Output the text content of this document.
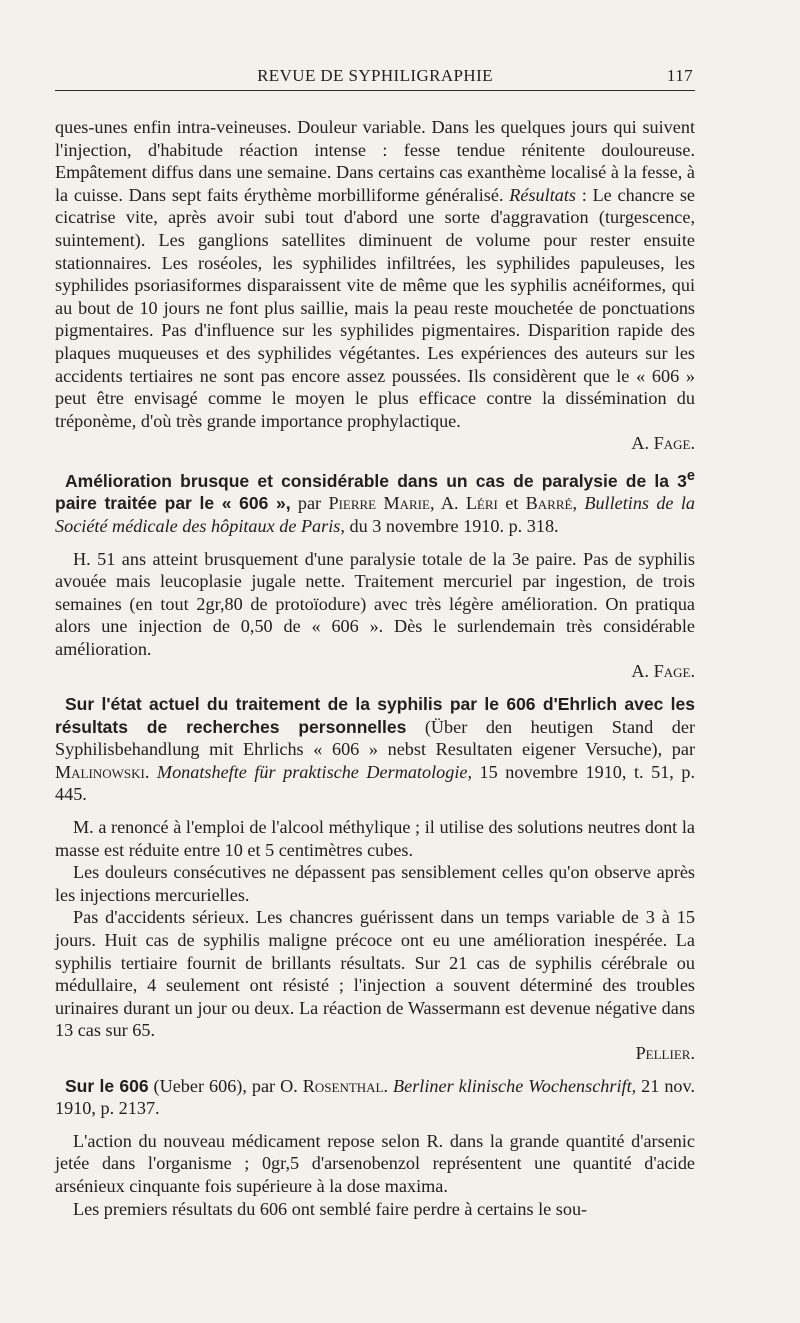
REVUE DE SYPHILIGRAPHIE	117

ques-unes enfin intra-veineuses. Douleur variable. Dans les quelques jours qui suivent l'injection, d'habitude réaction intense : fesse tendue rénitente douloureuse. Empâtement diffus dans une semaine. Dans certains cas exanthème localisé à la fesse, à la cuisse. Dans sept faits érythème morbilliforme généralisé. Résultats : Le chancre se cicatrise vite, après avoir subi tout d'abord une sorte d'aggravation (turgescence, suintement). Les ganglions satellites diminuent de volume pour rester ensuite stationnaires. Les roséoles, les syphilides infiltrées, les syphilides papuleuses, les syphilides psoriasiformes disparaissent vite de même que les syphilis acnéiformes, qui au bout de 10 jours ne font plus saillie, mais la peau reste mouchetée de ponctuations pigmentaires. Pas d'influence sur les syphilides pigmentaires. Disparition rapide des plaques muqueuses et des syphilides végétantes. Les expériences des auteurs sur les accidents tertiaires ne sont pas encore assez poussées. Ils considèrent que le « 606 » peut être envisagé comme le moyen le plus efficace contre la dissémination du tréponème, d'où très grande importance prophylactique.

A. Fage.

Amélioration brusque et considérable dans un cas de paralysie de la 3e paire traitée par le « 606 », par Pierre Marie, A. Léri et Barré, Bulletins de la Société médicale des hôpitaux de Paris, du 3 novembre 1910. p. 318.

H. 51 ans atteint brusquement d'une paralysie totale de la 3e paire. Pas de syphilis avouée mais leucoplasie jugale nette. Traitement mercuriel par ingestion, de trois semaines (en tout 2gr,80 de protoïodure) avec très légère amélioration. On pratiqua alors une injection de 0,50 de « 606 ». Dès le surlendemain très considérable amélioration.

A. Fage.

Sur l'état actuel du traitement de la syphilis par le 606 d'Ehrlich avec les résultats de recherches personnelles (Über den heutigen Stand der Syphilisbehandlung mit Ehrlichs « 606 » nebst Resultaten eigener Versuche), par Malinowski. Monatshefte für praktische Dermatologie, 15 novembre 1910, t. 51, p. 445.

M. a renoncé à l'emploi de l'alcool méthylique ; il utilise des solutions neutres dont la masse est réduite entre 10 et 5 centimètres cubes.

Les douleurs consécutives ne dépassent pas sensiblement celles qu'on observe après les injections mercurielles.

Pas d'accidents sérieux. Les chancres guérissent dans un temps variable de 3 à 15 jours. Huit cas de syphilis maligne précoce ont eu une amélioration inespérée. La syphilis tertiaire fournit de brillants résultats. Sur 21 cas de syphilis cérébrale ou médullaire, 4 seulement ont résisté ; l'injection a souvent déterminé des troubles urinaires durant un jour ou deux. La réaction de Wassermann est devenue négative dans 13 cas sur 65.

Pellier.

Sur le 606 (Ueber 606), par O. Rosenthal. Berliner klinische Wochenschrift, 21 nov. 1910, p. 2137.

L'action du nouveau médicament repose selon R. dans la grande quantité d'arsenic jetée dans l'organisme ; 0gr,5 d'arsenobenzol représentent une quantité d'acide arsénieux cinquante fois supérieure à la dose maxima.

Les premiers résultats du 606 ont semblé faire perdre à certains le sou-
